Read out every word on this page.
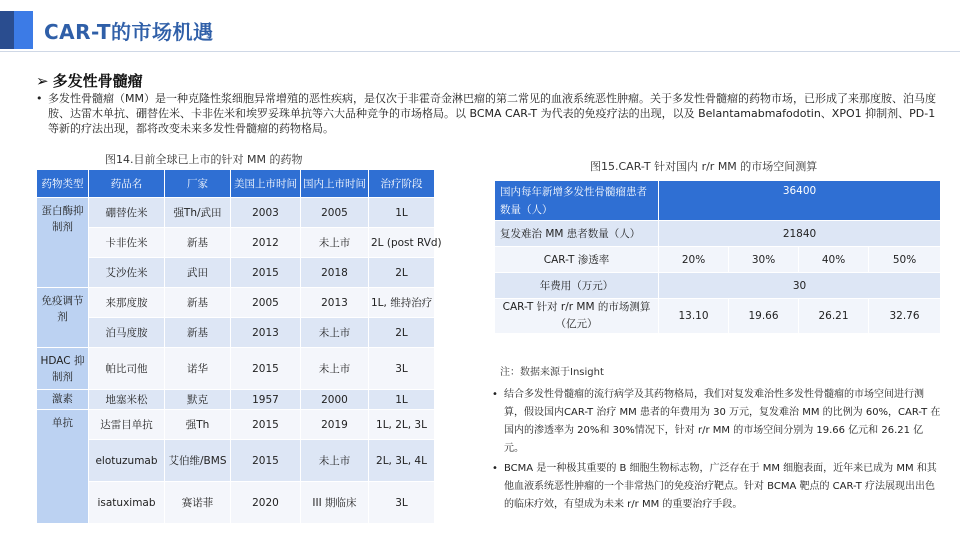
CAR-T的市场机遇
➢ 多发性骨髓瘤
• 多发性骨髓瘤（MM）是一种克隆性浆细胞异常增殖的恶性疾病，是仅次于非霍奇金淋巴瘤的第二常见的血液系统恶性肿瘤。关于多发性骨髓瘤的药物市场，已形成了来那度胺、泊马度胺、达雷木单抗、硼替佐米、卡非佐米和埃罗妥珠单抗等六大品种竞争的市场格局。以 BCMA CAR-T 为代表的免疫疗法的出现，以及 Belantamabmafodotin、XPO1 抑制剂、PD-1 等新的疗法出现，都将改变未来多发性骨髓瘤的药物格局。
图14.目前全球已上市的针对 MM 的药物
药物类型	药品名	厂家	美国上市时间	国内上市时间	治疗阶段
蛋白酶抑制剂	硼替佐米	强Th/武田	2003	2005	1L
	卡非佐米	新基	2012	未上市	2L (post RVd)
	艾沙佐米	武田	2015	2018	2L
免疫调节剂	来那度胺	新基	2005	2013	1L, 维持治疗
	泊马度胺	新基	2013	未上市	2L
HDAC 抑制剂	帕比司他	诺华	2015	未上市	3L
激素	地塞米松	默克	1957	2000	1L
单抗	达雷目单抗	强Th	2015	2019	1L, 2L, 3L
	elotuzumab	艾伯维/BMS	2015	未上市	2L, 3L, 4L
	isatuximab	赛诺菲	2020	III 期临床	3L
图15.CAR-T 针对国内 r/r MM 的市场空间测算
国内每年新增多发性骨髓瘤患者数量（人）	36400			
复发难治 MM 患者数量（人）	21840			
CAR-T 渗透率	20%	30%	40%	50%
年费用（万元）	30			
CAR-T 针对 r/r MM 的市场测算（亿元）	13.10	19.66	26.21	32.76
注：数据来源于Insight
• 结合多发性骨髓瘤的流行病学及其药物格局，我们对复发难治性多发性骨髓瘤的市场空间进行测算，假设国内CAR-T 治疗 MM 患者的年费用为 30 万元，复发难治 MM 的比例为 60%，CAR-T 在国内的渗透率为 20%和 30%情况下，针对 r/r MM 的市场空间分别为 19.66 亿元和 26.21 亿元。
• BCMA 是一种极其重要的 B 细胞生物标志物，广泛存在于 MM 细胞表面，近年来已成为 MM 和其他血液系统恶性肿瘤的一个非常热门的免疫治疗靶点。针对 BCMA 靶点的 CAR-T 疗法展现出出色的临床疗效，有望成为未来 r/r MM 的重要治疗手段。
